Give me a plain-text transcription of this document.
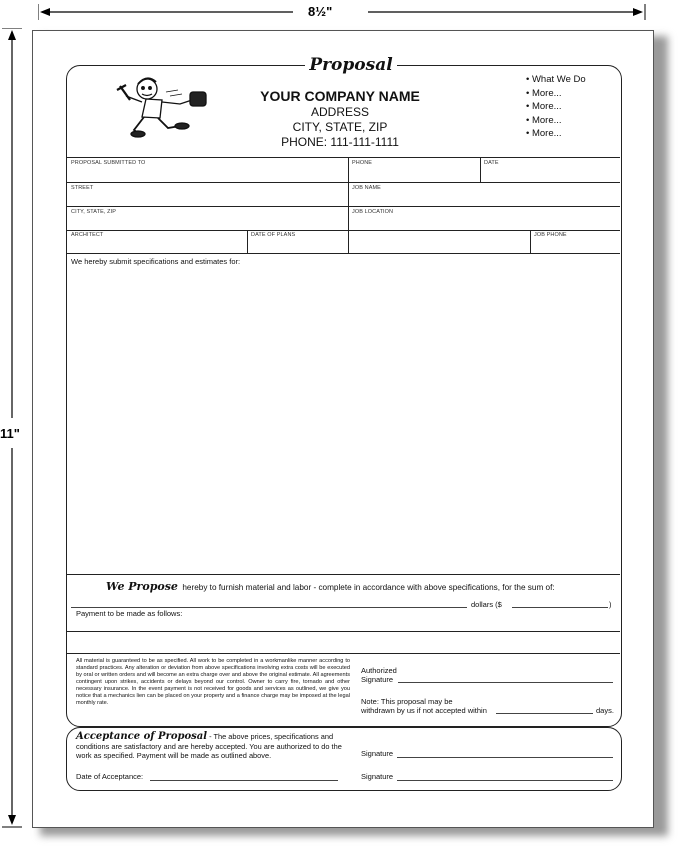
8½"
11"
Proposal
YOUR COMPANY NAME
ADDRESS
CITY, STATE, ZIP
PHONE: 111-111-1111
• What We Do
• More...
• More...
• More...
• More...
PROPOSAL SUBMITTED TO	PHONE	DATE
STREET	JOB NAME
CITY, STATE, ZIP	JOB LOCATION
ARCHITECT	DATE OF PLANS	JOB PHONE
We hereby submit specifications and estimates for:
We Propose hereby to furnish material and labor - complete in accordance with above specifications, for the sum of:
dollars ($	)
Payment to be made as follows:
All material is guaranteed to be as specified. All work to be completed in a workmanlike manner according to standard practices. Any alteration or deviation from above specifications involving extra costs will be executed by oral or written orders and will become an extra charge over and above the original estimate. All agreements contingent upon strikes, accidents or delays beyond our control. Owner to carry fire, tornado and other necessary insurance. In the event payment is not received for goods and services as outlined, we give you notice that a mechanics lien can be placed on your property and a finance charge may be imposed at the legal monthly rate.
Authorized
Signature
Note: This proposal may be
withdrawn by us if not accepted within	days.
Acceptance of Proposal - The above prices, specifications and conditions are satisfactory and are hereby accepted. You are authorized to do the work as specified. Payment will be made as outlined above.
Date of Acceptance:
Signature
Signature
